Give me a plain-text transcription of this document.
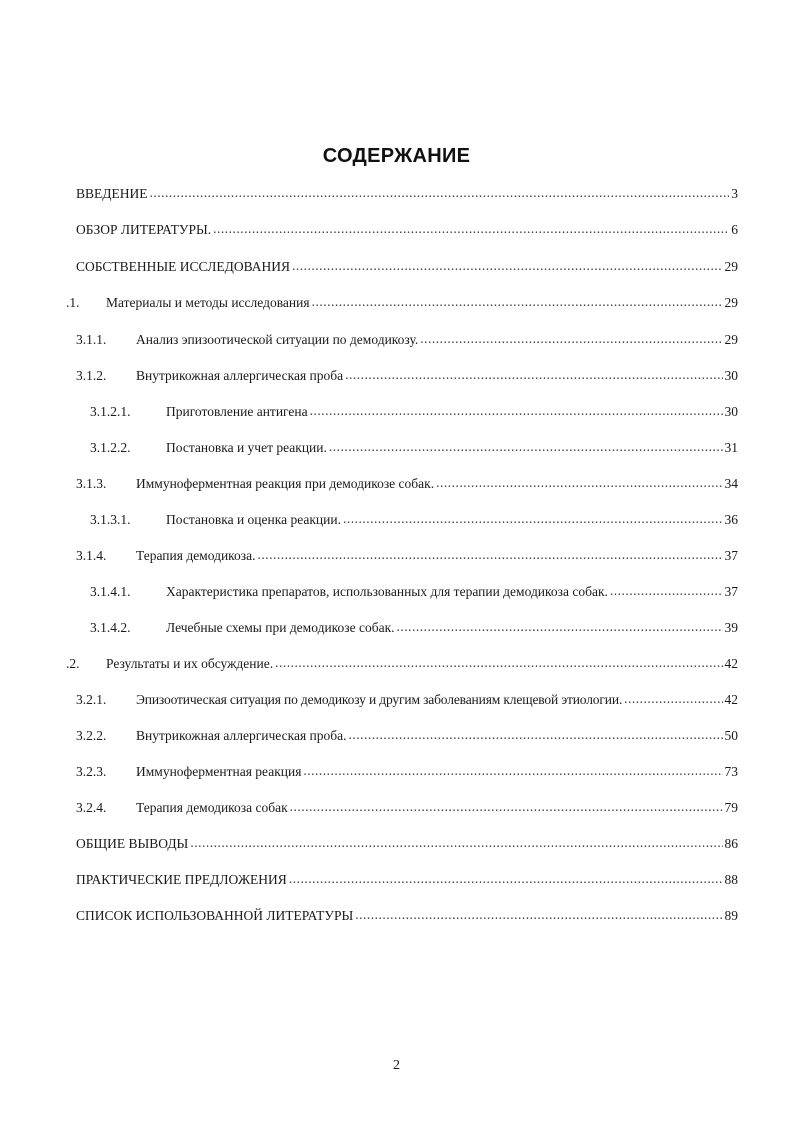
СОДЕРЖАНИЕ
ВВЕДЕНИЕ .....	3
ОБЗОР ЛИТЕРАТУРЫ. .....	6
СОБСТВЕННЫЕ ИССЛЕДОВАНИЯ .....	29
.1.	Материалы и методы исследования .....	29
3.1.1.	Анализ эпизоотической ситуации по демодикозу. .....	29
3.1.2.	Внутрикожная аллергическая проба .....	30
3.1.2.1.	Приготовление антигена .....	30
3.1.2.2.	Постановка и учет реакции. .....	31
3.1.3.	Иммуноферментная реакция при демодикозе собак. .....	34
3.1.3.1.	Постановка и оценка реакции. .....	36
3.1.4.	Терапия демодикоза. .....	37
3.1.4.1.	Характеристика препаратов, использованных для терапии демодикоза собак. .....	37
3.1.4.2.	Лечебные схемы при демодикозе собак. .....	39
.2.	Результаты и их обсуждение. .....	42
3.2.1.	Эпизоотическая ситуация по демодикозу и другим заболеваниям клещевой этиологии. .....	42
3.2.2.	Внутрикожная аллергическая проба. .....	50
3.2.3.	Иммуноферментная реакция .....	73
3.2.4.	Терапия демодикоза собак .....	79
ОБЩИЕ ВЫВОДЫ .....	86
ПРАКТИЧЕСКИЕ ПРЕДЛОЖЕНИЯ .....	88
СПИСОК ИСПОЛЬЗОВАННОЙ ЛИТЕРАТУРЫ .....	89
2
